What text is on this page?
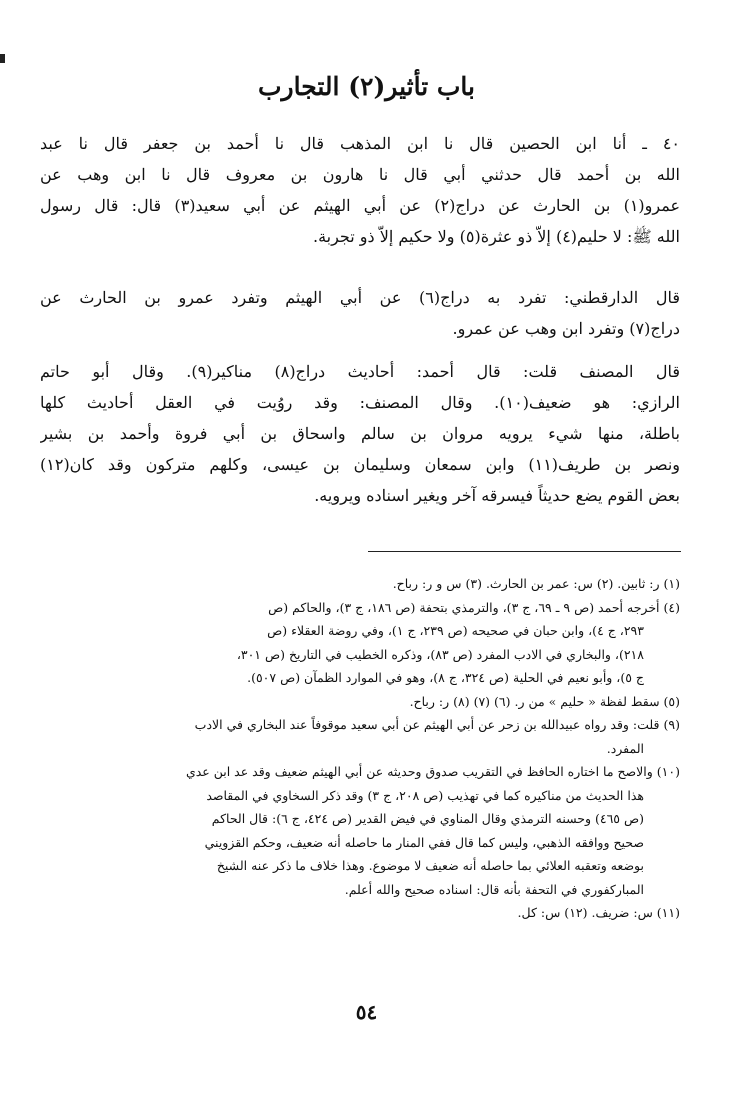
باب تأثير(٢) التجارب
٤٠ ـ أنا ابن الحصين قال نا ابن المذهب قال نا أحمد بن جعفر قال نا عبد
الله بن أحمد قال حدثني أبي قال نا هارون بن معروف قال نا ابن وهب عن
عمرو(١) بن الحارث عن دراج(٢) عن أبي الهيثم عن أبي سعيد(٣) قال: قال رسول
الله ﷺ: لا حليم(٤) إلاّ ذو عثرة(٥) ولا حكيم إلاّ ذو تجربة.
قال الدارقطني: تفرد به دراج(٦) عن أبي الهيثم وتفرد عمرو بن الحارث عن
دراج(٧) وتفرد ابن وهب عن عمرو.
قال المصنف قلت: قال أحمد: أحاديث دراج(٨) مناكير(٩). وقال أبو حاتم
الرازي: هو ضعيف(١٠). وقال المصنف: وقد روُيت في العقل أحاديث كلها
باطلة، منها شيء يرويه مروان بن سالم واسحاق بن أبي فروة وأحمد بن بشير
ونصر بن طريف(١١) وابن سمعان وسليمان بن عيسى، وكلهم متركون وقد كان(١٢)
بعض القوم يضع حديثاً فيسرقه آخر ويغير اسناده ويرويه.
(١) ر: ثابين. (٢) س: عمر بن الحارث. (٣) س و ر: رباح.
(٤) أخرجه أحمد (ص ٩ ـ ٦٩، ج ٣)، والترمذي بتحفة (ص ١٨٦، ج ٣)، والحاكم (ص
٢٩٣، ج ٤)، وابن حبان في صحيحه (ص ٢٣٩، ج ١)، وفي روضة العقلاء (ص
٢١٨)، والبخاري في الادب المفرد (ص ٨٣)، وذكره الخطيب في التاريخ (ص ٣٠١،
ج ٥)، وأبو نعيم في الحلية (ص ٣٢٤، ج ٨)، وهو في الموارد الظمآن (ص ٥٠٧).
(٥) سقط لفظة « حليم » من ر. (٦) (٧) (٨) ر: رباح.
(٩) قلت: وقد رواه عبيدالله بن زحر عن أبي الهيثم عن أبي سعيد موقوفاً عند البخاري في الادب
المفرد.
(١٠) والاصح ما اختاره الحافظ في التقريب صدوق وحديثه عن أبي الهيثم ضعيف وقد عد ابن عدي
هذا الحديث من مناكيره كما في تهذيب (ص ٢٠٨، ج ٣) وقد ذكر السخاوي في المقاصد
(ص ٤٦٥) وحسنه الترمذي وقال المناوي في فيض القدير (ص ٤٢٤، ج ٦): قال الحاكم
صحيح ووافقه الذهبي، وليس كما قال ففي المنار ما حاصله أنه ضعيف، وحكم القزويني
بوضعه وتعقبه العلائي بما حاصله أنه ضعيف لا موضوع. وهذا خلاف ما ذكر عنه الشيخ
المباركفوري في التحفة بأنه قال: اسناده صحيح والله أعلم.
(١١) س: ضريف. (١٢) س: كل.
٥٤
